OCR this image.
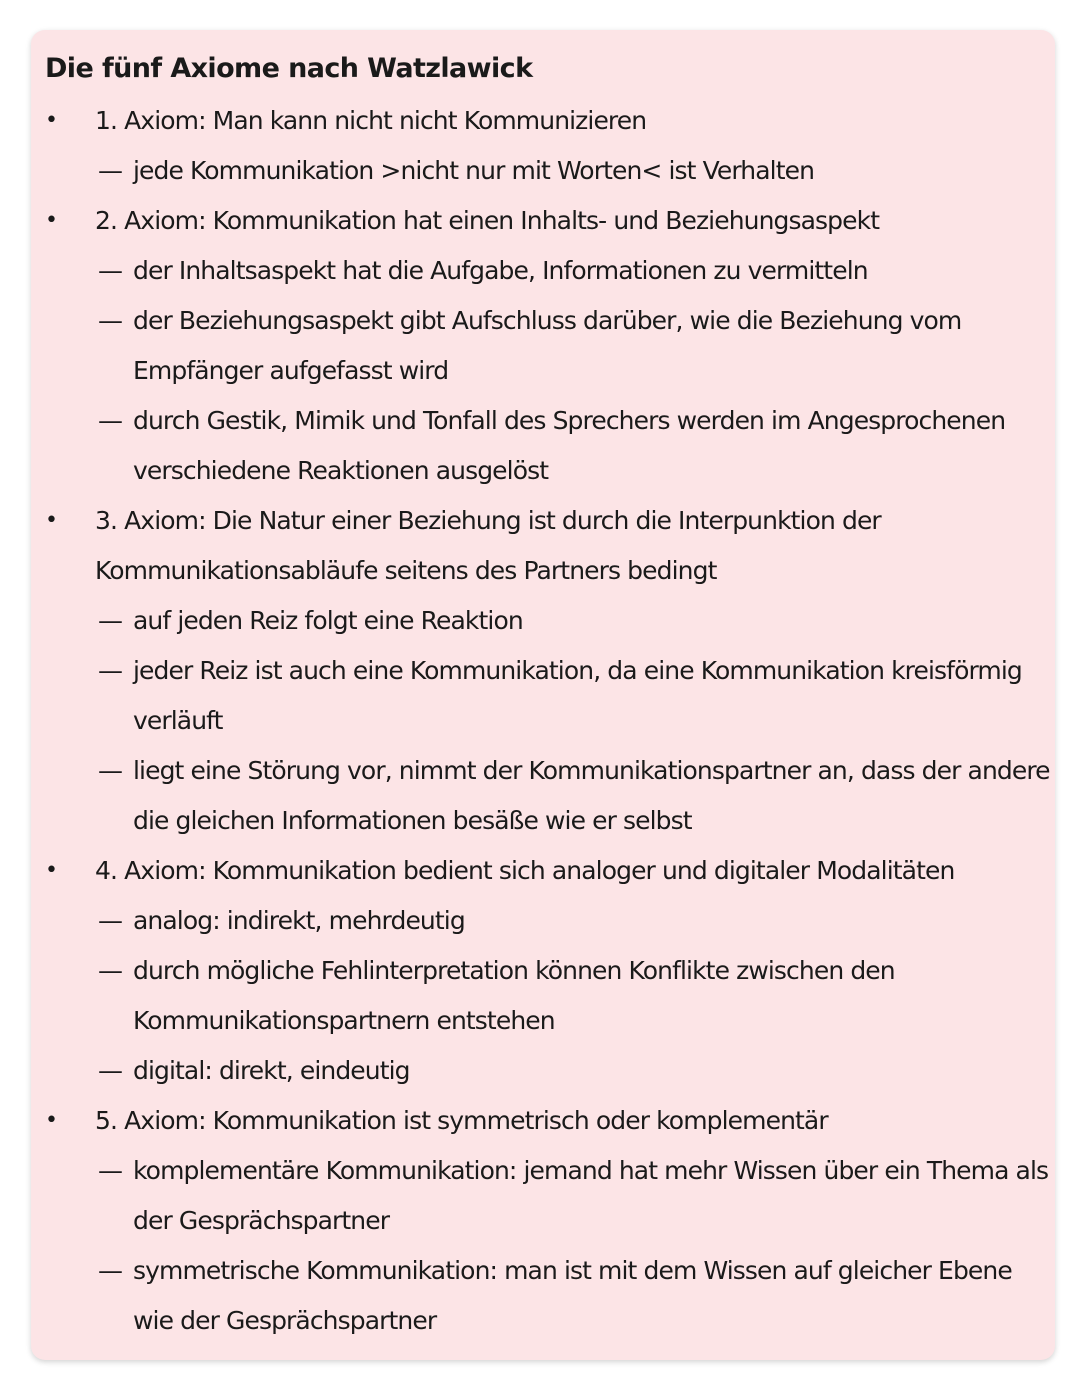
Die fünf Axiome nach Watzlawick
•	1. Axiom: Man kann nicht nicht Kommunizieren

— jede Kommunikation >nicht nur mit Worten< ist Verhalten
•	2. Axiom: Kommunikation hat einen Inhalts- und Beziehungsaspekt

— der Inhaltsaspekt hat die Aufgabe, Informationen zu vermitteln
— der Beziehungsaspekt gibt Aufschluss darüber, wie die Beziehung vom Empfänger aufgefasst wird
— durch Gestik, Mimik und Tonfall des Sprechers werden im Angesprochenen verschiedene Reaktionen ausgelöst
•	3. Axiom: Die Natur einer Beziehung ist durch die Interpunktion der Kommunikationsabläufe seitens des Partners bedingt

— auf jeden Reiz folgt eine Reaktion
— jeder Reiz ist auch eine Kommunikation, da eine Kommunikation kreisförmig verläuft
— liegt eine Störung vor, nimmt der Kommunikationspartner an, dass der andere die gleichen Informationen besäße wie er selbst
•	4. Axiom: Kommunikation bedient sich analoger und digitaler Modalitäten

— analog: indirekt, mehrdeutig
— durch mögliche Fehlinterpretation können Konflikte zwischen den Kommunikationspartnern entstehen
— digital: direkt, eindeutig
•	5. Axiom: Kommunikation ist symmetrisch oder komplementär

— komplementäre Kommunikation: jemand hat mehr Wissen über ein Thema als der Gesprächspartner
— symmetrische Kommunikation: man ist mit dem Wissen auf gleicher Ebene wie der Gesprächspartner
